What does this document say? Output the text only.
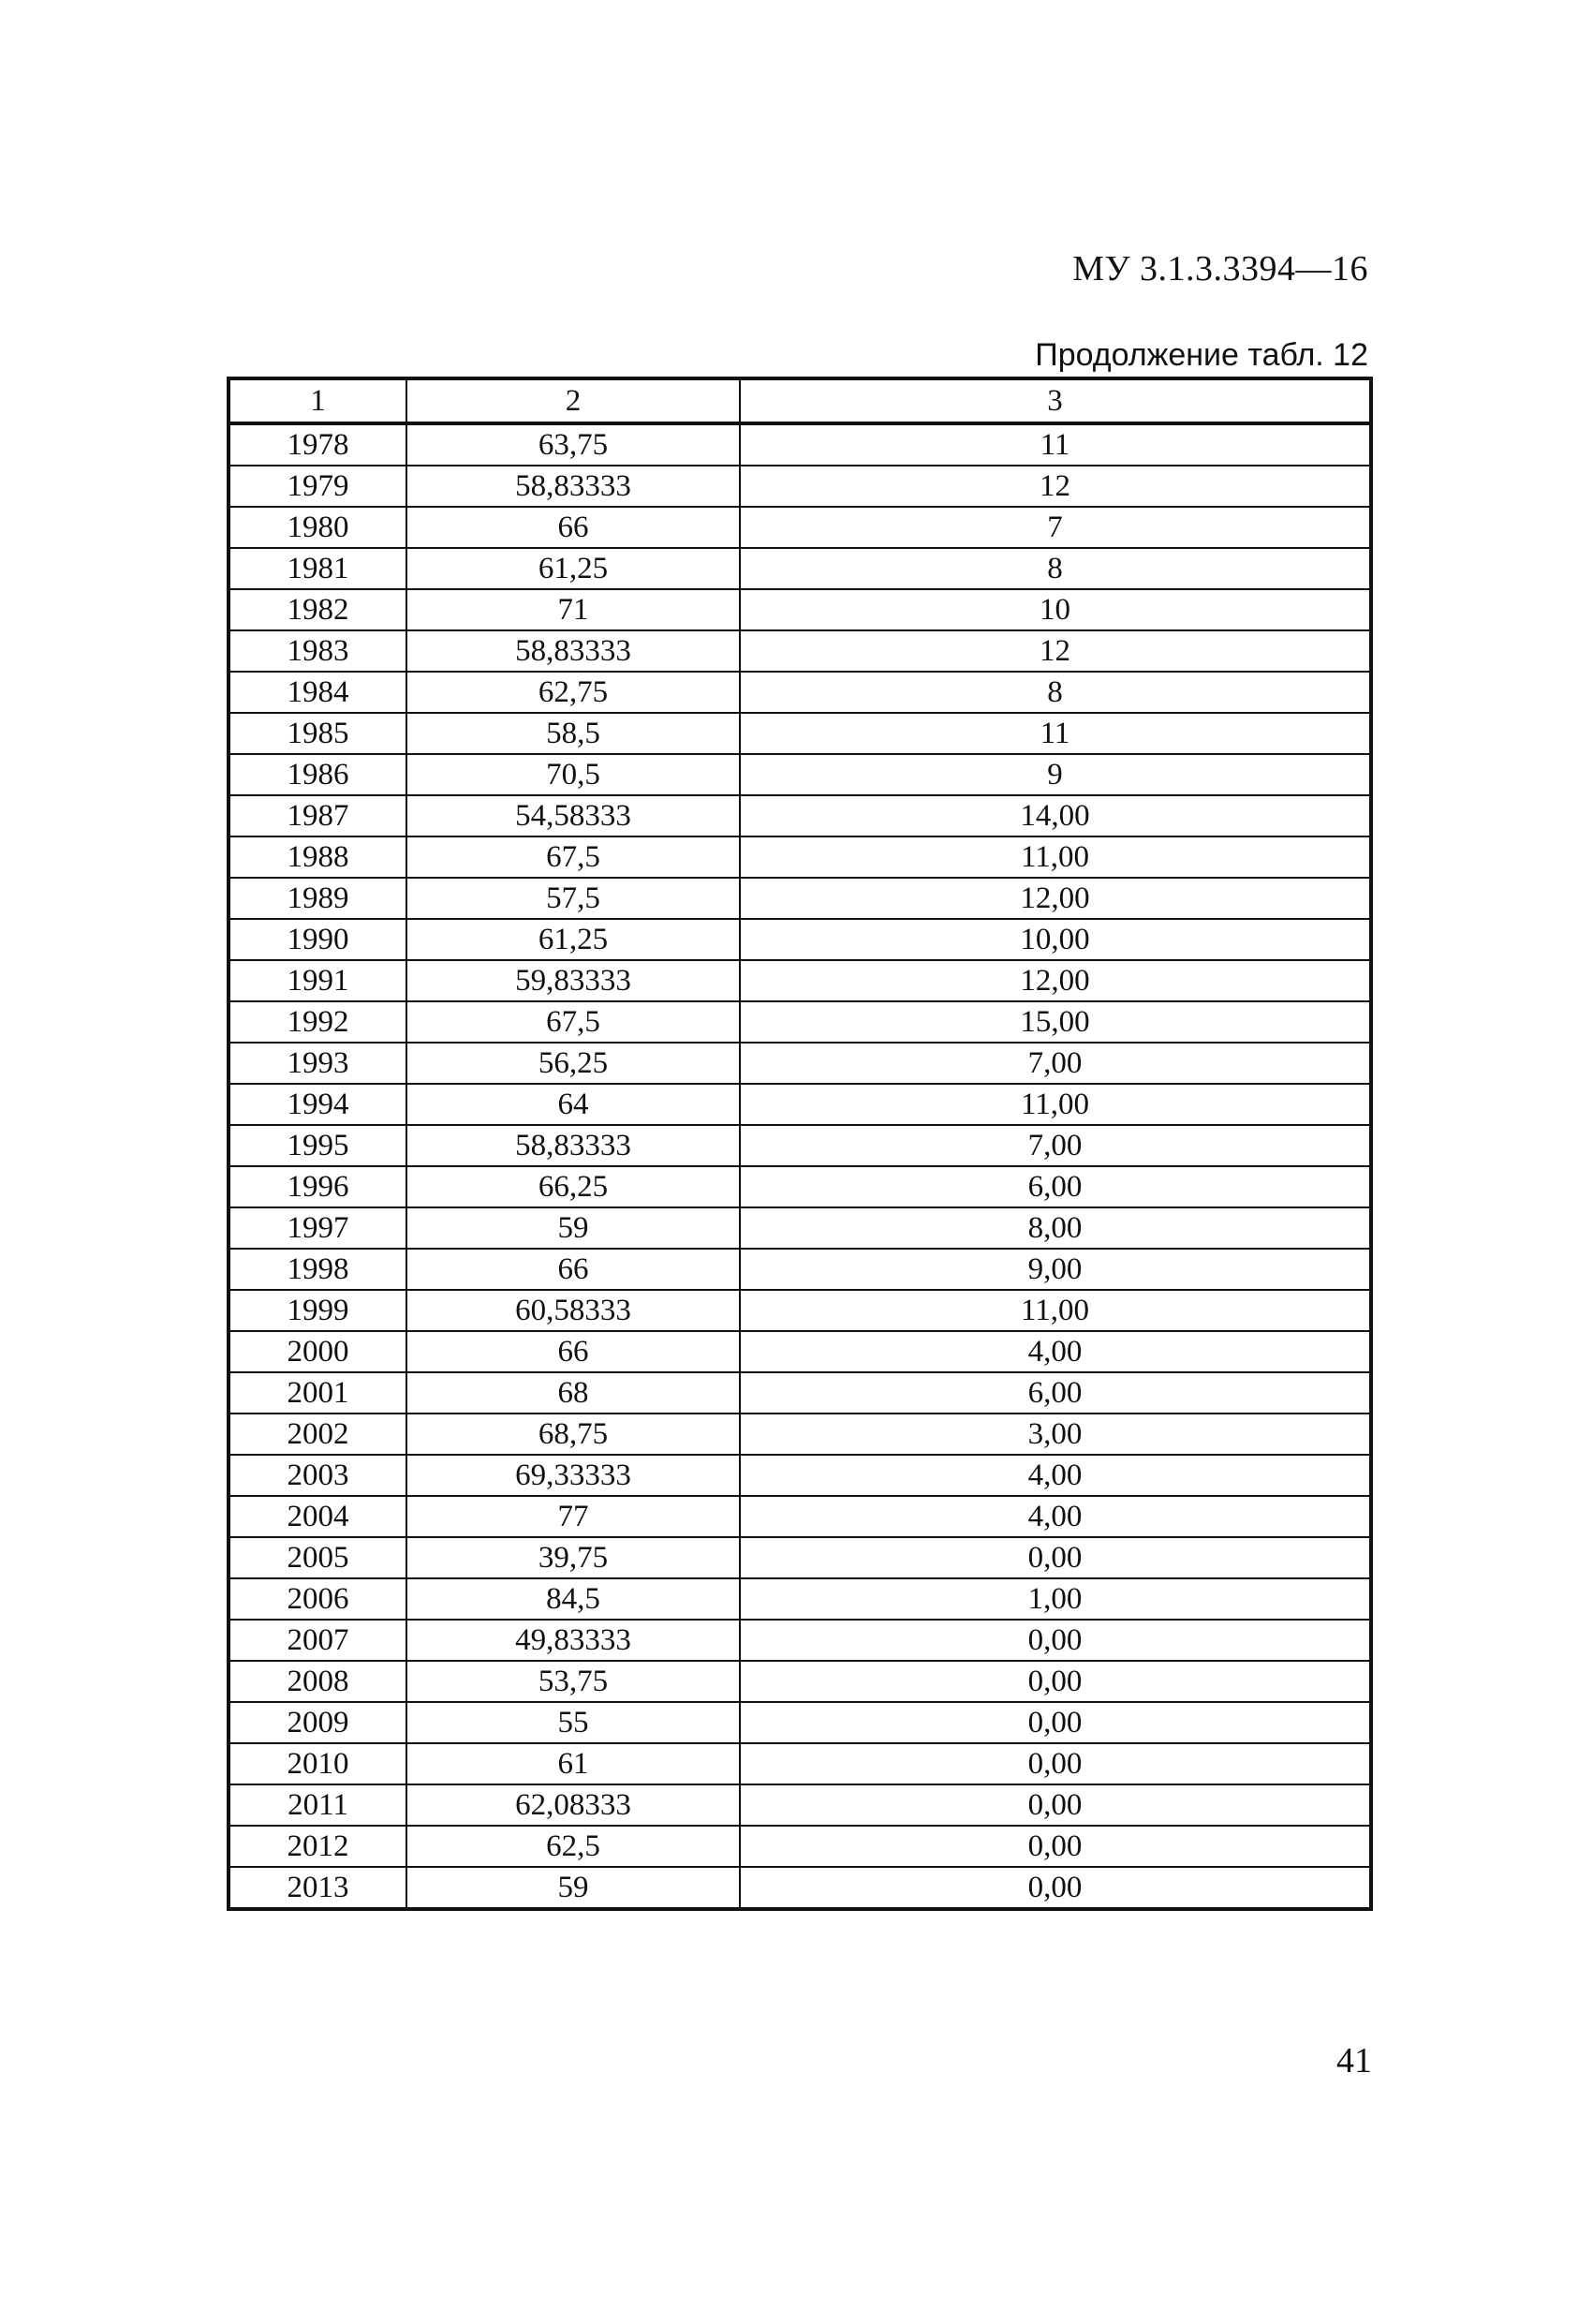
МУ 3.1.3.3394—16
Продолжение табл. 12
1	2	3
1978	63,75	11
1979	58,83333	12
1980	66	7
1981	61,25	8
1982	71	10
1983	58,83333	12
1984	62,75	8
1985	58,5	11
1986	70,5	9
1987	54,58333	14,00
1988	67,5	11,00
1989	57,5	12,00
1990	61,25	10,00
1991	59,83333	12,00
1992	67,5	15,00
1993	56,25	7,00
1994	64	11,00
1995	58,83333	7,00
1996	66,25	6,00
1997	59	8,00
1998	66	9,00
1999	60,58333	11,00
2000	66	4,00
2001	68	6,00
2002	68,75	3,00
2003	69,33333	4,00
2004	77	4,00
2005	39,75	0,00
2006	84,5	1,00
2007	49,83333	0,00
2008	53,75	0,00
2009	55	0,00
2010	61	0,00
2011	62,08333	0,00
2012	62,5	0,00
2013	59	0,00
41
